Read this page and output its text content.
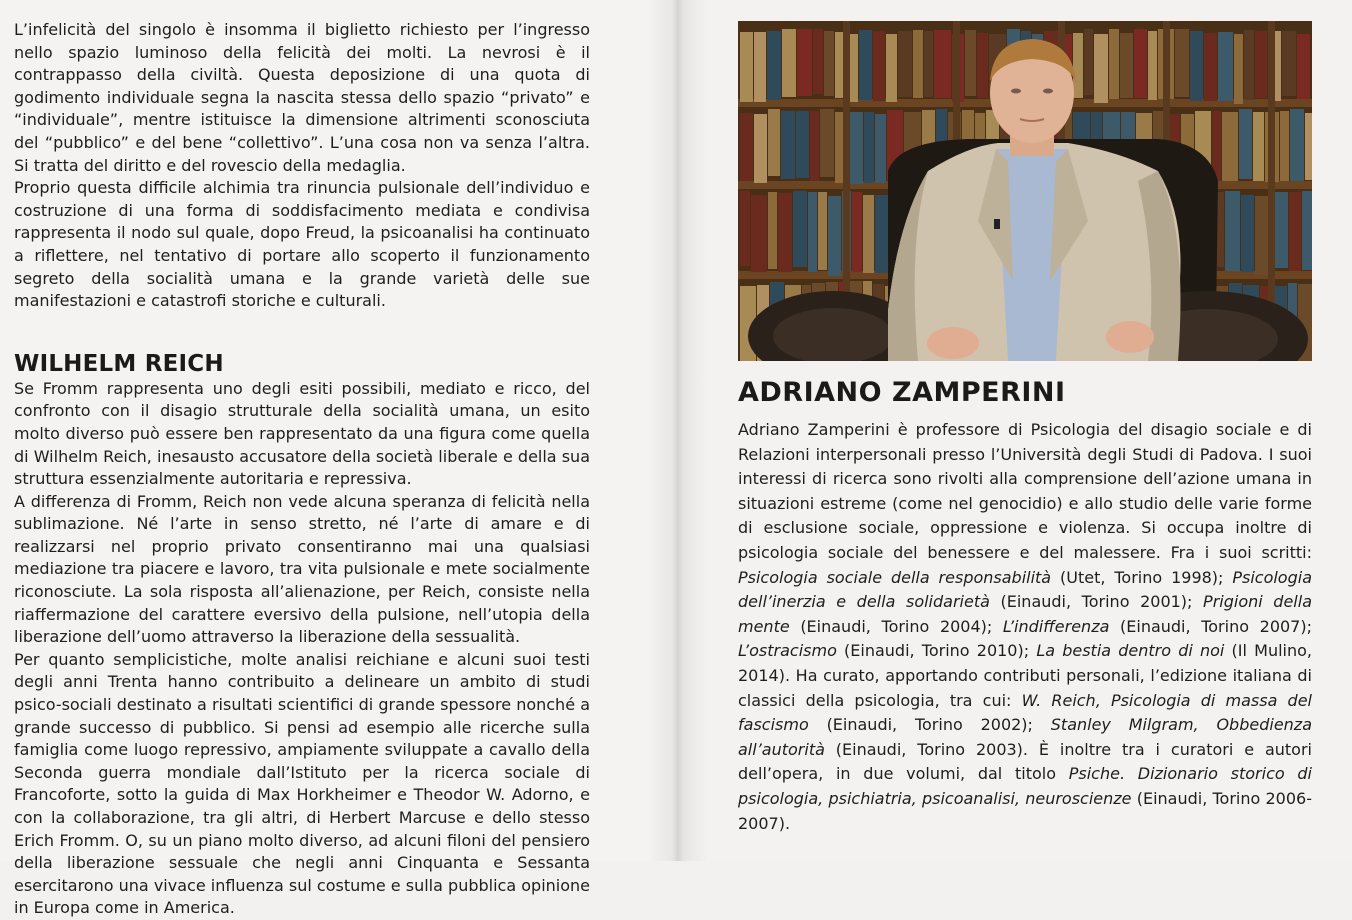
L’infelicità del singolo è insomma il biglietto richiesto per l’ingresso nello spazio luminoso della felicità dei molti. La nevrosi è il contrappasso della civiltà. Questa deposizione di una quota di godimento individuale segna la nascita stessa dello spazio “privato” e “individuale”, mentre istituisce la dimensione altrimenti sconosciuta del “pubblico” e del bene “collettivo”. L’una cosa non va senza l’altra. Si tratta del diritto e del rovescio della medaglia.

Proprio questa difficile alchimia tra rinuncia pulsionale dell’individuo e costruzione di una forma di soddisfacimento mediata e condivisa rappresenta il nodo sul quale, dopo Freud, la psicoanalisi ha continuato a riflettere, nel tentativo di portare allo scoperto il funzionamento segreto della socialità umana e la grande varietà delle sue manifestazioni e catastrofi storiche e culturali.

WILHELM REICH

Se Fromm rappresenta uno degli esiti possibili, mediato e ricco, del confronto con il disagio strutturale della socialità umana, un esito molto diverso può essere ben rappresentato da una figura come quella di Wilhelm Reich, inesausto accusatore della società liberale e della sua struttura essenzialmente autoritaria e repressiva.

A differenza di Fromm, Reich non vede alcuna speranza di felicità nella sublimazione. Né l’arte in senso stretto, né l’arte di amare e di realizzarsi nel proprio privato consentiranno mai una qualsiasi mediazione tra piacere e lavoro, tra vita pulsionale e mete socialmente riconosciute. La sola risposta all’alienazione, per Reich, consiste nella riaffermazione del carattere eversivo della pulsione, nell’utopia della liberazione dell’uomo attraverso la liberazione della sessualità.

Per quanto semplicistiche, molte analisi reichiane e alcuni suoi testi degli anni Trenta hanno contribuito a delineare un ambito di studi psico-sociali destinato a risultati scientifici di grande spessore nonché a grande successo di pubblico. Si pensi ad esempio alle ricerche sulla famiglia come luogo repressivo, ampiamente sviluppate a cavallo della Seconda guerra mondiale dall’Istituto per la ricerca sociale di Francoforte, sotto la guida di Max Horkheimer e Theodor W. Adorno, e con la collaborazione, tra gli altri, di Herbert Marcuse e dello stesso Erich Fromm. O, su un piano molto diverso, ad alcuni filoni del pensiero della liberazione sessuale che negli anni Cinquanta e Sessanta esercitarono una vivace influenza sul costume e sulla pubblica opinione in Europa come in America.

ADRIANO ZAMPERINI

Adriano Zamperini è professore di Psicologia del disagio sociale e di Relazioni interpersonali presso l’Università degli Studi di Padova. I suoi interessi di ricerca sono rivolti alla comprensione dell’azione umana in situazioni estreme (come nel genocidio) e allo studio delle varie forme di esclusione sociale, oppressione e violenza. Si occupa inoltre di psicologia sociale del benessere e del malessere. Fra i suoi scritti: Psicologia sociale della responsabilità (Utet, Torino 1998); Psicologia dell’inerzia e della solidarietà (Einaudi, Torino 2001); Prigioni della mente (Einaudi, Torino 2004); L’indifferenza (Einaudi, Torino 2007); L’ostracismo (Einaudi, Torino 2010); La bestia dentro di noi (Il Mulino, 2014). Ha curato, apportando contributi personali, l’edizione italiana di classici della psicologia, tra cui: W. Reich, Psicologia di massa del fascismo (Einaudi, Torino 2002); Stanley Milgram, Obbedienza all’autorità (Einaudi, Torino 2003). È inoltre tra i curatori e autori dell’opera, in due volumi, dal titolo Psiche. Dizionario storico di psicologia, psichiatria, psicoanalisi, neuroscienze (Einaudi, Torino 2006-2007).
